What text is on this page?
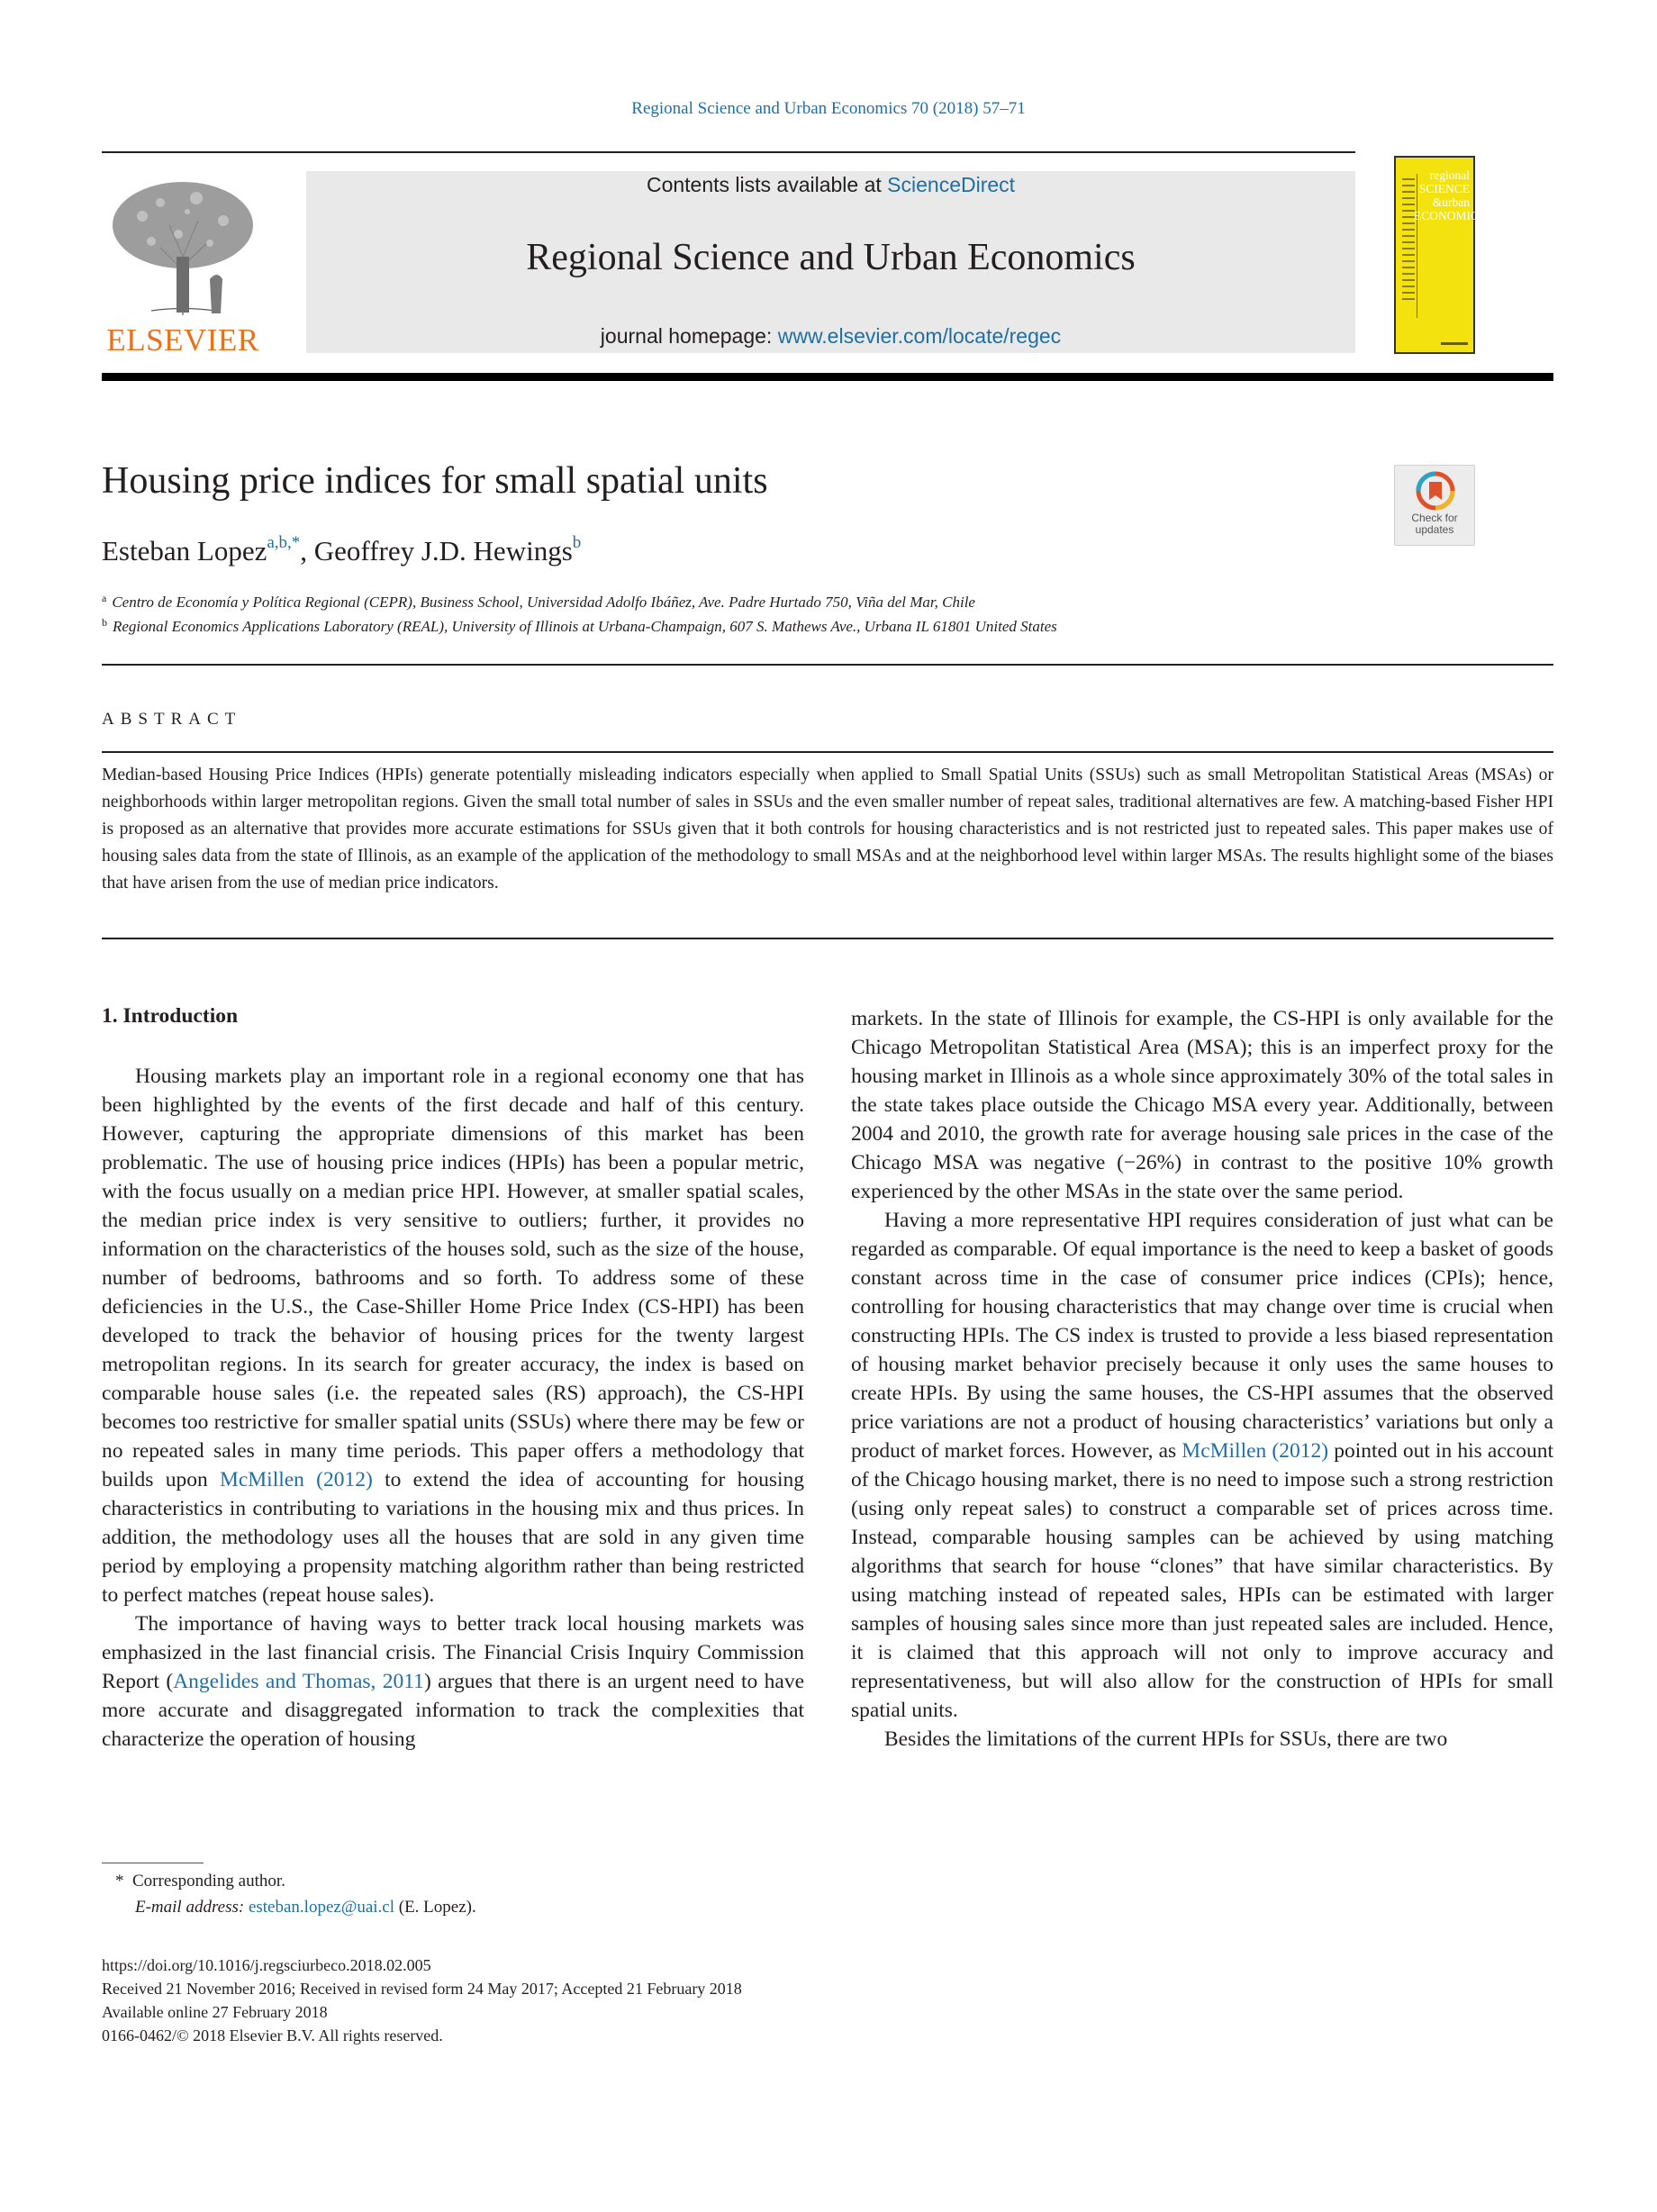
Regional Science and Urban Economics 70 (2018) 57–71
ELSEVIER
Contents lists available at ScienceDirect
Regional Science and Urban Economics
journal homepage: www.elsevier.com/locate/regec
regional
SCIENCE
&urban
ECONOMICS
Housing price indices for small spatial units
Check for
updates
Esteban Lopez$^{a,b,*}$, Geoffrey J.D. Hewings$^b$
$^a$ Centro de Economía y Política Regional (CEPR), Business School, Universidad Adolfo Ibáñez, Ave. Padre Hurtado 750, Viña del Mar, Chile
$^b$ Regional Economics Applications Laboratory (REAL), University of Illinois at Urbana-Champaign, 607 S. Mathews Ave., Urbana IL 61801 United States
ABSTRACT
Median-based Housing Price Indices (HPIs) generate potentially misleading indicators especially when applied to Small Spatial Units (SSUs) such as small Metropolitan Statistical Areas (MSAs) or neighborhoods within larger metropolitan regions. Given the small total number of sales in SSUs and the even smaller number of repeat sales, traditional alternatives are few. A matching-based Fisher HPI is proposed as an alternative that provides more accurate estimations for SSUs given that it both controls for housing characteristics and is not restricted just to repeated sales. This paper makes use of housing sales data from the state of Illinois, as an example of the application of the methodology to small MSAs and at the neighborhood level within larger MSAs. The results highlight some of the biases that have arisen from the use of median price indicators.
1. Introduction

Housing markets play an important role in a regional economy one that has been highlighted by the events of the first decade and half of this century. However, capturing the appropriate dimensions of this market has been problematic. The use of housing price indices (HPIs) has been a popular metric, with the focus usually on a median price HPI. However, at smaller spatial scales, the median price index is very sensitive to outliers; further, it provides no information on the characteristics of the houses sold, such as the size of the house, number of bedrooms, bathrooms and so forth. To address some of these deficiencies in the U.S., the Case-Shiller Home Price Index (CS-HPI) has been developed to track the behavior of housing prices for the twenty largest metropolitan regions. In its search for greater accuracy, the index is based on comparable house sales (i.e. the repeated sales (RS) approach), the CS-HPI becomes too restrictive for smaller spatial units (SSUs) where there may be few or no repeated sales in many time periods. This paper offers a methodology that builds upon McMillen (2012) to extend the idea of accounting for housing characteristics in contributing to variations in the housing mix and thus prices. In addition, the methodology uses all the houses that are sold in any given time period by employing a propensity matching algorithm rather than being restricted to perfect matches (repeat house sales).

The importance of having ways to better track local housing markets was emphasized in the last financial crisis. The Financial Crisis Inquiry Commission Report (Angelides and Thomas, 2011) argues that there is an urgent need to have more accurate and disaggregated information to track the complexities that characterize the operation of housing

markets. In the state of Illinois for example, the CS-HPI is only available for the Chicago Metropolitan Statistical Area (MSA); this is an imperfect proxy for the housing market in Illinois as a whole since approximately 30% of the total sales in the state takes place outside the Chicago MSA every year. Additionally, between 2004 and 2010, the growth rate for average housing sale prices in the case of the Chicago MSA was negative (−26%) in contrast to the positive 10% growth experienced by the other MSAs in the state over the same period.

Having a more representative HPI requires consideration of just what can be regarded as comparable. Of equal importance is the need to keep a basket of goods constant across time in the case of consumer price indices (CPIs); hence, controlling for housing characteristics that may change over time is crucial when constructing HPIs. The CS index is trusted to provide a less biased representation of housing market behavior precisely because it only uses the same houses to create HPIs. By using the same houses, the CS-HPI assumes that the observed price variations are not a product of housing characteristics’ variations but only a product of market forces. However, as McMillen (2012) pointed out in his account of the Chicago housing market, there is no need to impose such a strong restriction (using only repeat sales) to construct a comparable set of prices across time. Instead, comparable housing samples can be achieved by using matching algorithms that search for house “clones” that have similar characteristics. By using matching instead of repeated sales, HPIs can be estimated with larger samples of housing sales since more than just repeated sales are included. Hence, it is claimed that this approach will not only to improve accuracy and representativeness, but will also allow for the construction of HPIs for small spatial units.

Besides the limitations of the current HPIs for SSUs, there are two

* Corresponding author.
E-mail address: esteban.lopez@uai.cl (E. Lopez).
https://doi.org/10.1016/j.regsciurbeco.2018.02.005
Received 21 November 2016; Received in revised form 24 May 2017; Accepted 21 February 2018
Available online 27 February 2018
0166-0462/© 2018 Elsevier B.V. All rights reserved.
